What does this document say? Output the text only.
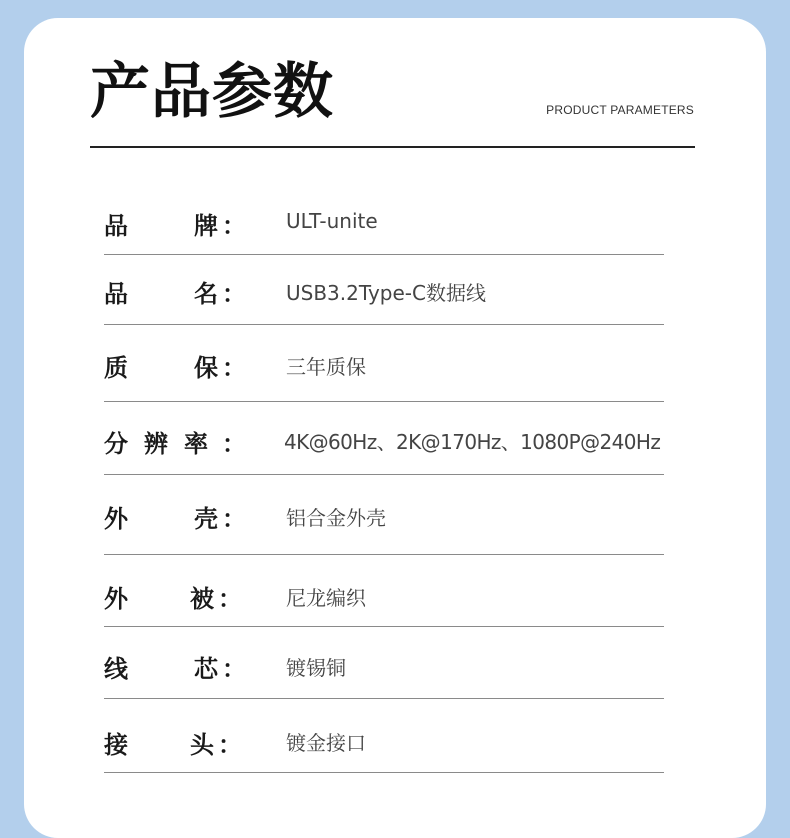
产品参数	PRODUCT PARAMETERS
品	牌 ： ULT-unite
品	名 ： USB3.2Type-C数据线
质	保 ： 三年质保
分 辨 率 ： 4K@60Hz、2K@170Hz、1080P@240Hz
外	壳 ： 铝合金外壳
外	被 ： 尼龙编织
线	芯 ： 镀锡铜
接	头 ： 镀金接口
